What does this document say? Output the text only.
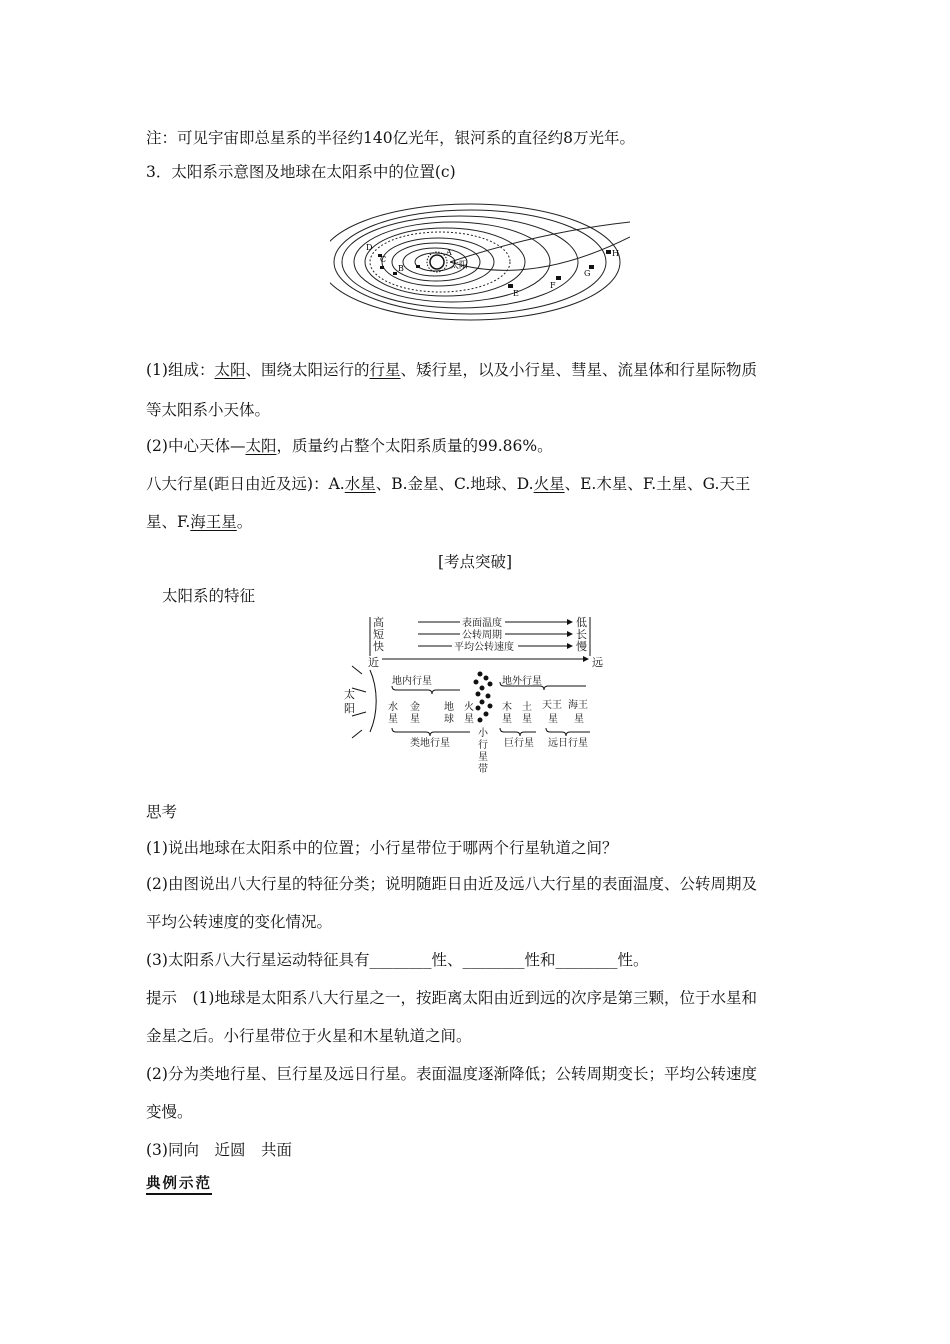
注：可见宇宙即总星系的半径约140亿光年，银河系的直径约8万光年。
3．太阳系示意图及地球在太阳系中的位置(c)
A
太阳
B
C
D
E
F
G
H
(1)组成：太阳、围绕太阳运行的行星、矮行星，以及小行星、彗星、流星体和行星际物质
等太阳系小天体。
(2)中心天体—太阳，质量约占整个太阳系质量的99.86%。
八大行星(距日由近及远)：A.水星、B.金星、C.地球、D.火星、E.木星、F.土星、G.天王
星、F.海王星。
[考点突破]
太阳系的特征
高
短
快
低
长
慢
表面温度
公转周期
平均公转速度
近	远
太
阳
地内行星	地外行星
水
星
金
星
地
球
火
星
木
星
土
星
天王
星
海王
星
类地行星	巨行星 远日行星
小
行
星
带
思考
(1)说出地球在太阳系中的位置；小行星带位于哪两个行星轨道之间？
(2)由图说出八大行星的特征分类；说明随距日由近及远八大行星的表面温度、公转周期及
平均公转速度的变化情况。
(3)太阳系八大行星运动特征具有________性、________性和________性。
提示　(1)地球是太阳系八大行星之一，按距离太阳由近到远的次序是第三颗，位于水星和
金星之后。小行星带位于火星和木星轨道之间。
(2)分为类地行星、巨行星及远日行星。表面温度逐渐降低；公转周期变长；平均公转速度
变慢。
(3)同向　近圆　共面
典例示范
